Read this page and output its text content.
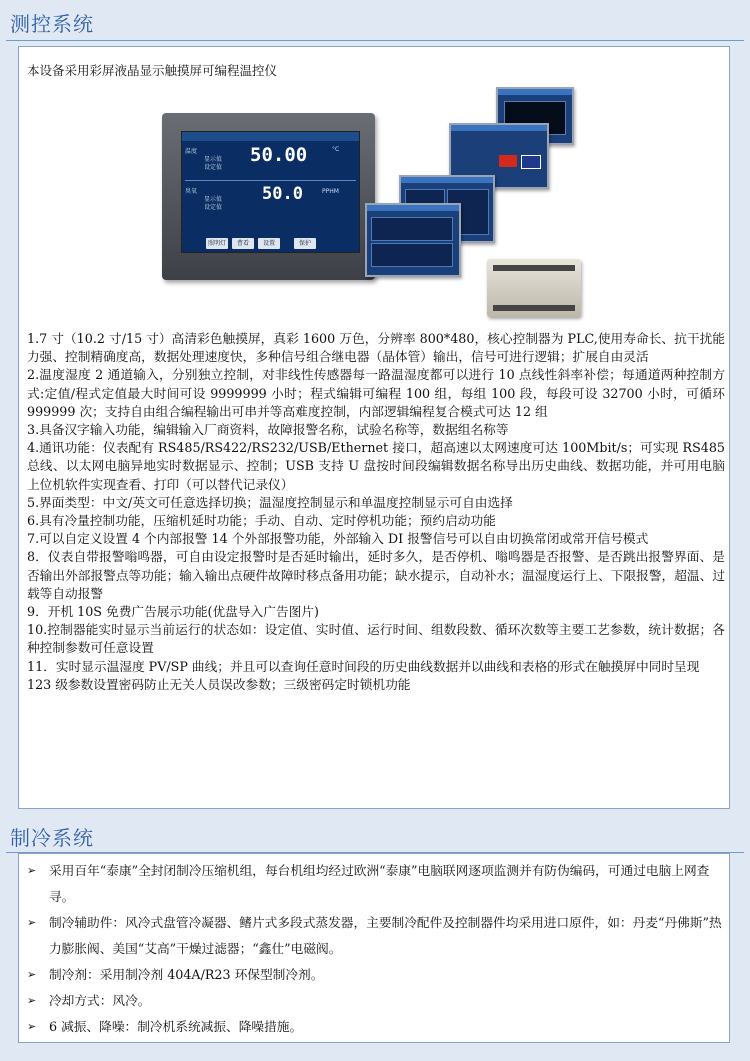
测控系统
本设备采用彩屏液晶显示触摸屏可编程温控仪
温度
显示值
设定值
50.00	°C
臭氧
显示值
设定值
50.0	PPHM
照明灯	曹看	设置	保护

1.7 寸（10.2 寸/15 寸）高清彩色触摸屏，真彩 1600 万色，分辨率 800*480，核心控制器为 PLC,使用寿命长、抗干扰能力强、控制精确度高，数据处理速度快，多种信号组合继电器（晶体管）输出，信号可进行逻辑；扩展自由灵活

2.温度湿度 2 通道输入，分别独立控制，对非线性传感器每一路温湿度都可以进行 10 点线性斜率补偿；每通道两种控制方式:定值/程式定值最大时间可设 9999999 小时；程式编辑可编程 100 组，每组 100 段，每段可设 32700 小时，可循环 999999 次；支持自由组合编程输出可串并等高难度控制，内部逻辑编程复合模式可达 12 组

3.具备汉字输入功能，编辑输入厂商资料，故障报警名称，试验名称等，数据组名称等

4.通讯功能：仪表配有 RS485/RS422/RS232/USB/Ethernet 接口，超高速以太网速度可达 100Mbit/s；可实现 RS485 总线、以太网电脑异地实时数据显示、控制；USB 支持 U 盘按时间段编辑数据名称导出历史曲线、数据功能，并可用电脑上位机软件实现查看、打印（可以替代记录仪）

5.界面类型：中文/英文可任意选择切换；温湿度控制显示和单温度控制显示可自由选择

6.具有冷量控制功能，压缩机延时功能；手动、自动、定时停机功能；预约启动功能

7.可以自定义设置 4 个内部报警 14 个外部报警功能，外部输入 DI 报警信号可以自由切换常闭或常开信号模式

8．仪表自带报警嗡鸣器，可自由设定报警时是否延时输出，延时多久，是否停机、嗡鸣器是否报警、是否跳出报警界面、是否输出外部报警点等功能；输入输出点硬件故障时移点备用功能；缺水提示，自动补水；温湿度运行上、下限报警，超温、过载等自动报警

9．开机 10S 免费广告展示功能(优盘导入广告图片)

10.控制器能实时显示当前运行的状态如：设定值、实时值、运行时间、组数段数、循环次数等主要工艺参数，统计数据；各种控制参数可任意设置

11．实时显示温湿度 PV/SP 曲线；并且可以查询任意时间段的历史曲线数据并以曲线和表格的形式在触摸屏中同时呈现

123 级参数设置密码防止无关人员误改参数；三级密码定时锁机功能

制冷系统
➢ 采用百年“泰康”全封闭制冷压缩机组，每台机组均经过欧洲“泰康”电脑联网逐项监测并有防伪编码，可通过电脑上网查寻。

➢ 制冷辅助件：风冷式盘管冷凝器、鳍片式多段式蒸发器，主要制冷配件及控制器件均采用进口原件，如：丹麦“丹佛斯”热力膨胀阀、美国“艾高”干燥过滤器；“鑫仕”电磁阀。

➢ 制冷剂：采用制冷剂 404A/R23 环保型制冷剂。

➢ 冷却方式：风冷。

➢ 6 减振、降噪：制冷机系统减振、降噪措施。
